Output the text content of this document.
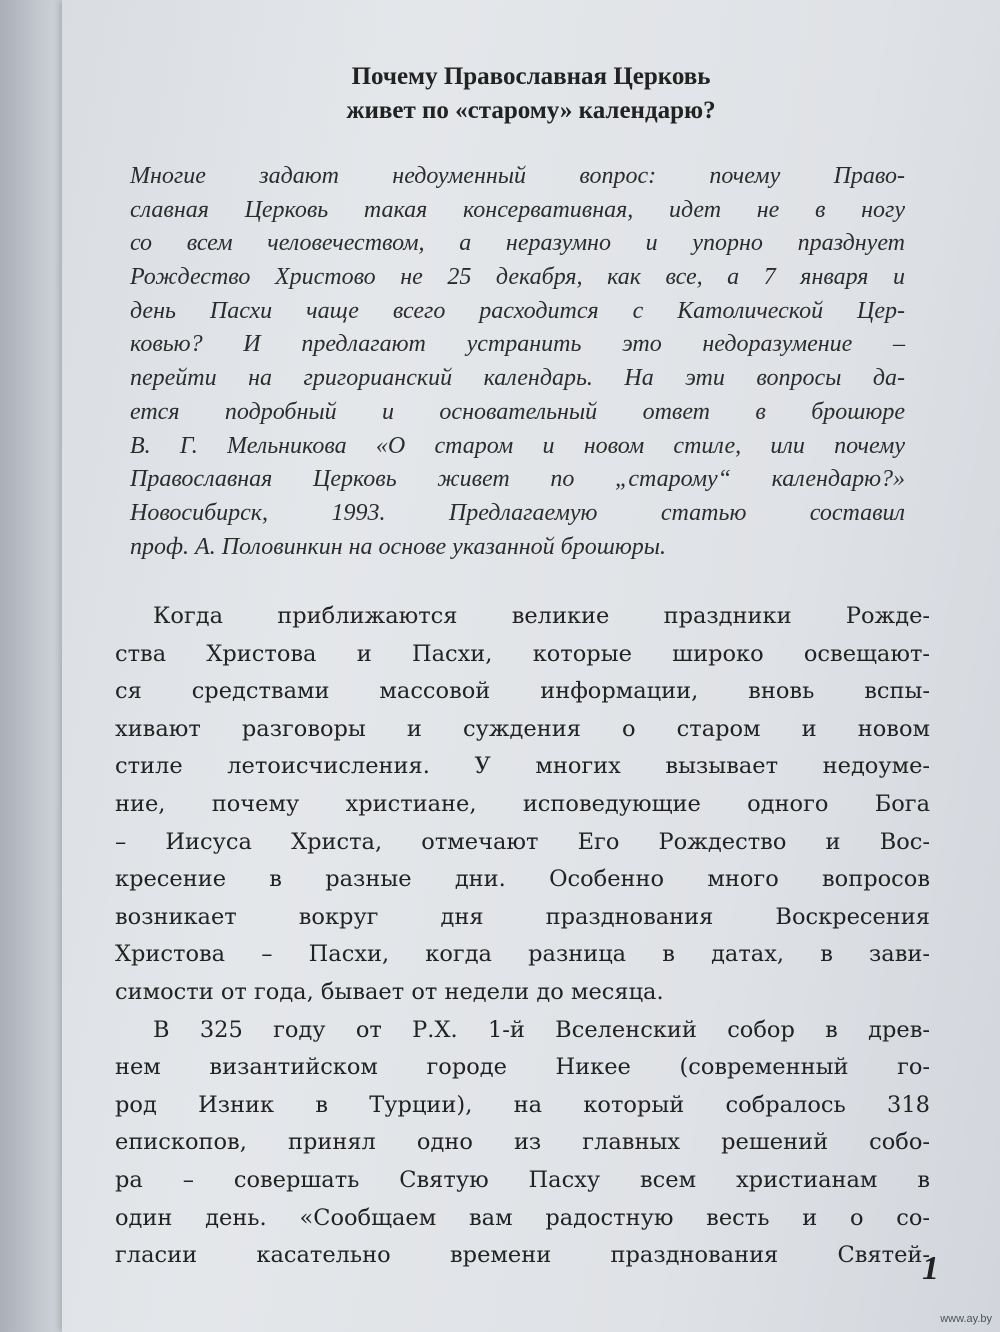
Почему Православная Церковь
живет по «старому» календарю?
Многие задают недоуменный вопрос: почему Право-
славная Церковь такая консервативная, идет не в ногу
со всем человечеством, а неразумно и упорно празднует
Рождество Христово не 25 декабря, как все, а 7 января и
день Пасхи чаще всего расходится с Католической Цер-
ковью? И предлагают устранить это недоразумение –
перейти на григорианский календарь. На эти вопросы да-
ется подробный и основательный ответ в брошюре
В. Г. Мельникова «О старом и новом стиле, или почему
Православная Церковь живет по „старому“ календарю?»
Новосибирск, 1993. Предлагаемую статью составил
проф. А. Половинкин на основе указанной брошюры.
Когда приближаются великие праздники Рожде-
ства Христова и Пасхи, которые широко освещают-
ся средствами массовой информации, вновь вспы-
хивают разговоры и суждения о старом и новом
стиле летоисчисления. У многих вызывает недоуме-
ние, почему христиане, исповедующие одного Бога
– Иисуса Христа, отмечают Его Рождество и Вос-
кресение в разные дни. Особенно много вопросов
возникает вокруг дня празднования Воскресения
Христова – Пасхи, когда разница в датах, в зави-
симости от года, бывает от недели до месяца.
В 325 году от Р.Х. 1-й Вселенский собор в древ-
нем византийском городе Никее (современный го-
род Изник в Турции), на который собралось 318
епископов, принял одно из главных решений собо-
ра – совершать Святую Пасху всем христианам в
один день. «Сообщаем вам радостную весть и о со-
гласии касательно времени празднования Святей-
1
www.ay.by
